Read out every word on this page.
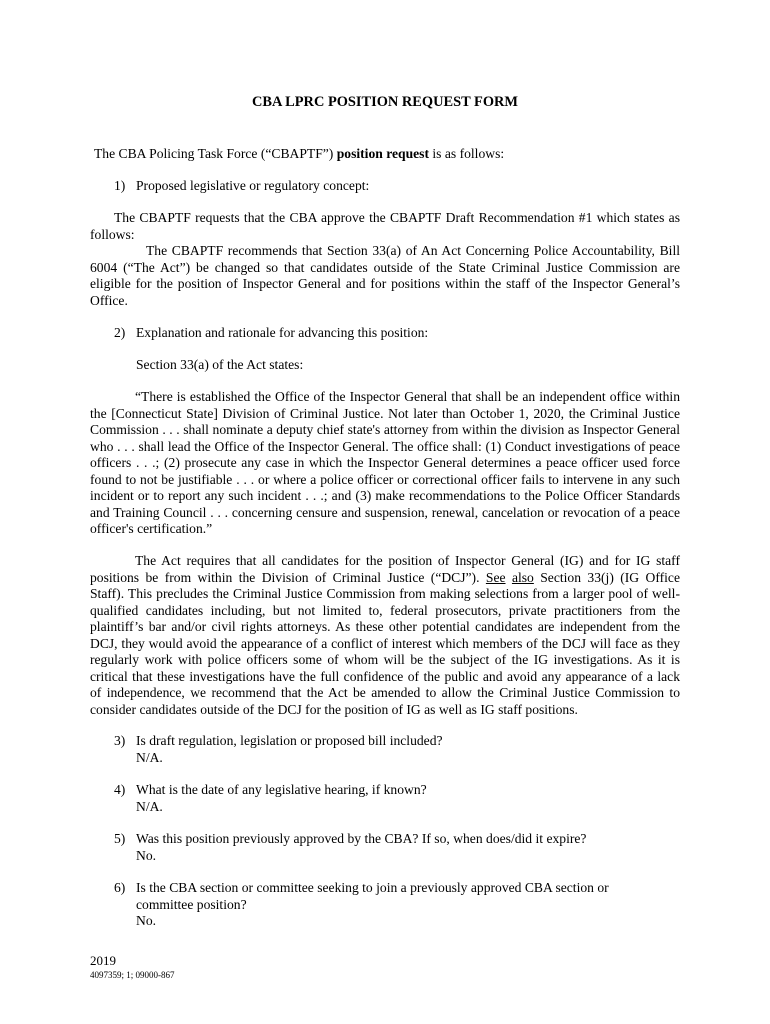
CBA LPRC POSITION REQUEST FORM
The CBA Policing Task Force (“CBAPTF”) position request is as follows:
1) Proposed legislative or regulatory concept:
The CBAPTF requests that the CBA approve the CBAPTF Draft Recommendation #1 which states as
follows:
The CBAPTF recommends that Section 33(a) of An Act Concerning Police Accountability, Bill
6004 (“The Act”) be changed so that candidates outside of the State Criminal Justice Commission are
eligible for the position of Inspector General and for positions within the staff of the Inspector General’s
Office.
2) Explanation and rationale for advancing this position:
Section 33(a) of the Act states:
“There is established the Office of the Inspector General that shall be an independent office within
the [Connecticut State] Division of Criminal Justice. Not later than October 1, 2020, the Criminal Justice
Commission . . . shall nominate a deputy chief state's attorney from within the division as Inspector General
who . . . shall lead the Office of the Inspector General. The office shall: (1) Conduct investigations of peace
officers . . .; (2) prosecute any case in which the Inspector General determines a peace officer used force
found to not be justifiable . . . or where a police officer or correctional officer fails to intervene in any such
incident or to report any such incident . . .; and (3) make recommendations to the Police Officer Standards
and Training Council . . . concerning censure and suspension, renewal, cancelation or revocation of a peace
officer's certification.”
The Act requires that all candidates for the position of Inspector General (IG) and for IG staff
positions be from within the Division of Criminal Justice (“DCJ”). See also Section 33(j) (IG Office
Staff). This precludes the Criminal Justice Commission from making selections from a larger pool of well-
qualified candidates including, but not limited to, federal prosecutors, private practitioners from the
plaintiff’s bar and/or civil rights attorneys. As these other potential candidates are independent from the
DCJ, they would avoid the appearance of a conflict of interest which members of the DCJ will face as they
regularly work with police officers some of whom will be the subject of the IG investigations. As it is
critical that these investigations have the full confidence of the public and avoid any appearance of a lack
of independence, we recommend that the Act be amended to allow the Criminal Justice Commission to
consider candidates outside of the DCJ for the position of IG as well as IG staff positions.
3) Is draft regulation, legislation or proposed bill included?
N/A.
4) What is the date of any legislative hearing, if known?
N/A.
5) Was this position previously approved by the CBA? If so, when does/did it expire?
No.
6) Is the CBA section or committee seeking to join a previously approved CBA section or
committee position?
No.
2019
4097359; 1; 09000-867
